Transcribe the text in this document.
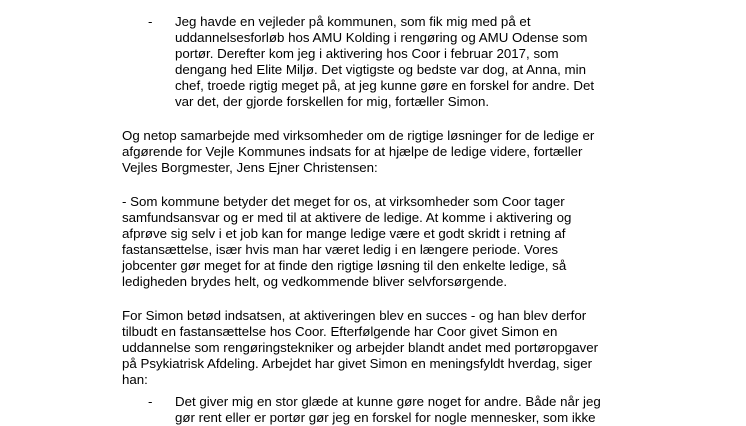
-	Jeg havde en vejleder på kommunen, som fik mig med på et
uddannelsesforløb hos AMU Kolding i rengøring og AMU Odense som
portør. Derefter kom jeg i aktivering hos Coor i februar 2017, som
dengang hed Elite Miljø. Det vigtigste og bedste var dog, at Anna, min
chef, troede rigtig meget på, at jeg kunne gøre en forskel for andre. Det
var det, der gjorde forskellen for mig, fortæller Simon.
Og netop samarbejde med virksomheder om de rigtige løsninger for de ledige er
afgørende for Vejle Kommunes indsats for at hjælpe de ledige videre, fortæller
Vejles Borgmester, Jens Ejner Christensen:
- Som kommune betyder det meget for os, at virksomheder som Coor tager
samfundsansvar og er med til at aktivere de ledige. At komme i aktivering og
afprøve sig selv i et job kan for mange ledige være et godt skridt i retning af
fastansættelse, især hvis man har været ledig i en længere periode. Vores
jobcenter gør meget for at finde den rigtige løsning til den enkelte ledige, så
ledigheden brydes helt, og vedkommende bliver selvforsørgende.
For Simon betød indsatsen, at aktiveringen blev en succes - og han blev derfor
tilbudt en fastansættelse hos Coor. Efterfølgende har Coor givet Simon en
uddannelse som rengøringstekniker og arbejder blandt andet med portøropgaver
på Psykiatrisk Afdeling. Arbejdet har givet Simon en meningsfyldt hverdag, siger
han:
-	Det giver mig en stor glæde at kunne gøre noget for andre. Både når jeg
gør rent eller er portør gør jeg en forskel for nogle mennesker, som ikke
